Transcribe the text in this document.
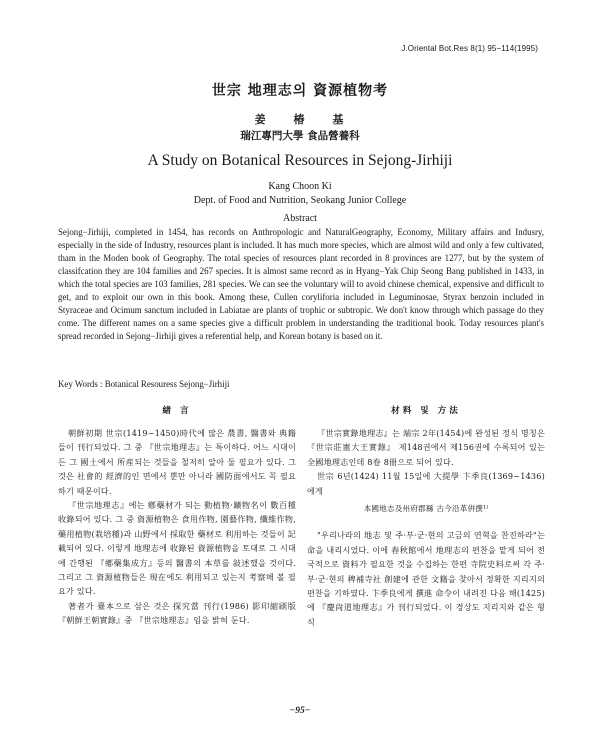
J.Oriental Bot.Res 8(1) 95−114(1995)
世宗 地理志의 資源植物考
姜 椿 基
瑞江專門大學 食品營養科
A Study on Botanical Resources in Sejong-Jirhiji
Kang Choon Ki
Dept. of Food and Nutrition, Seokang Junior College
Abstract

Sejong−Jirhiji, completed in 1454, has records on Anthropologic and NaturalGeography, Economy, Military affairs and Indusry, especially in the side of Industry, resources plant is included. It has much more species, which are almost wild and only a few cultivated, tham in the Moden book of Geography. The total species of resources plant recorded in 8 provinces are 1277, but by the system of classifcation they are 104 families and 267 species. It is almost same record as in Hyang−Yak Chip Seong Bang published in 1433, in which the total species are 103 families, 281 species. We can see the voluntary will to avoid chinese chemical, expensive and difficult to get, and to exploit our own in this book. Among these, Cullen coryliforia included in Leguminosae, Styrax benzoin included in Styraceae and Ocimum sanctum included in Labiatae are plants of trophic or subtropic. We don't know through which passage do they come. The different names on a same species give a difficult problem in understanding the traditional book. Today resources plant's spread recorded in Sejong−Jirhiji gives a referential help, and Korean botany is based on it.

Key Words : Botanical Resouress Sejong−Jirhiji

緖 言

朝鮮初期 世宗(1419∼1450)時代에 많은 農書, 醫書와 典籍들이 刊行되었다. 그 중 『世宗地理志』는 특이하다. 어느 시대이든 그 國土에서 所産되는 것들을 철저히 알아 둘 필요가 있다. 그것은 社會的 經濟的인 면에서 뿐만 아니라 國防面에서도 꼭 필요하기 때문이다.

『世宗地理志』에는 鄕藥材가 되는 動植物·鑛物名이 數百種 收錄되어 있다. 그 중 資源植物은 食用作物, 園藝作物, 纖維作物, 藥用植物(栽培種)과 山野에서 採取한 藥材로 利用하는 것들이 記載되어 있다. 이렇게 地理志에 收錄된 資源植物을 토대로 그 시대에 간행된 『鄕藥集成方』등의 醫書의 本草를 敍述했을 것이다. 그리고 그 資源植物들은 現在에도 利用되고 있는지 考察해 볼 필요가 있다.

著者가 臺本으로 삼은 것은 探究當 刊行(1986) 影印縮刷版 『朝鮮王朝實錄』중 『世宗地理志』임을 밝혀 둔다.

材料 및 方法

『世宗實錄地理志』는 端宗 2年(1454)에 완성된 정식 명칭은 『世宗莊憲大王實錄』 제148권에서 제156권에 수록되어 있는 全國地理志인데 8卷 8冊으로 되어 있다.

世宗 6년(1424) 11월 15일에 大提學 卞季良(1369∼1436)에게

本國地志及州府郡縣 古今沿革倂撰¹⁾

"우리나라의 地志 및 주·부·군·현의 고금의 연혁을 찬진하라"는 命을 내리시었다. 이에 春秋館에서 地理志의 편찬을 맡게 되어 전국적으로 資料가 필요한 것을 수집하는 한편 寺院史料로써 각 주·부·군·현의 稗補寺社 創建에 관한 文籍을 찾아서 정확한 지리지의 편찬을 기하였다. 卞季良에게 撰進 命令이 내려진 다음 해(1425)에 『慶尙道地理志』가 刊行되었다. 이 경상도 지리지와 같은 형식

−95−
